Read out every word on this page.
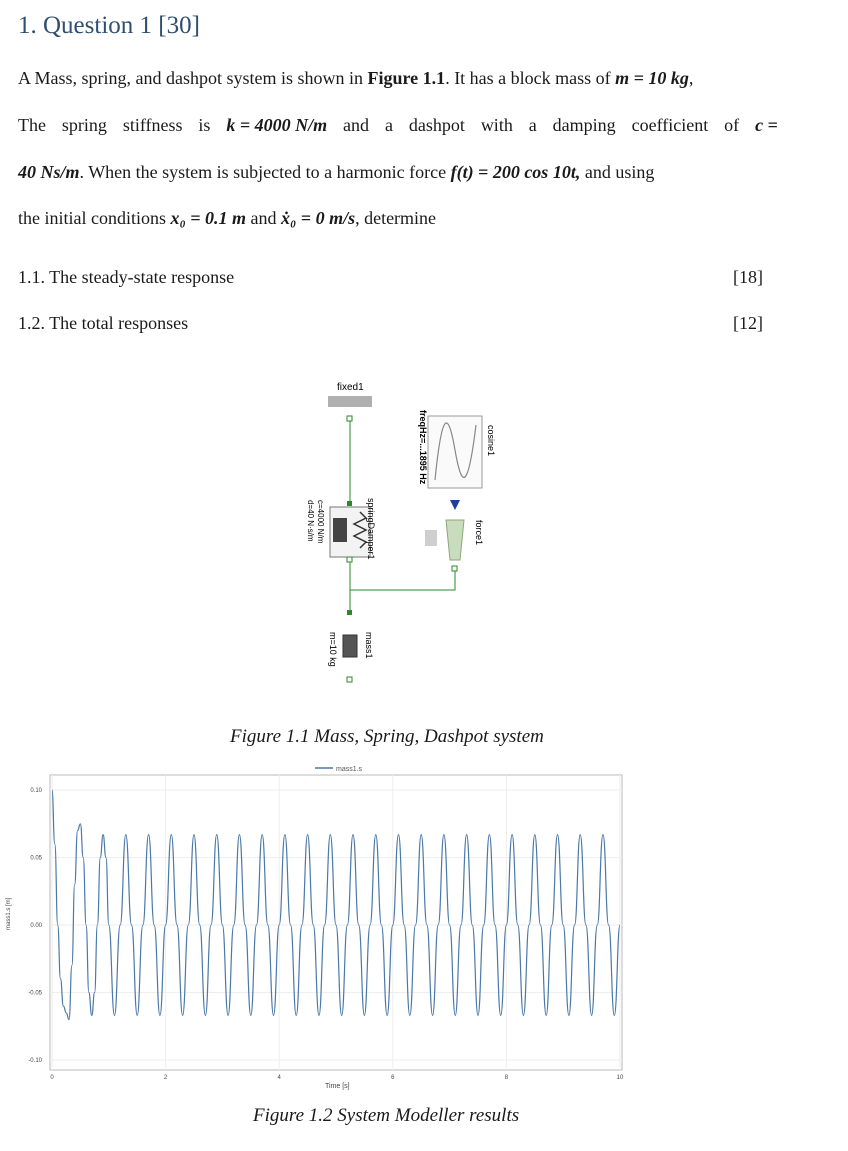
1. Question 1 [30]
A Mass, spring, and dashpot system is shown in Figure 1.1. It has a block mass of m = 10 kg,
The spring stiffness is k = 4000 N/m and a dashpot with a damping coefficient of c =
40 Ns/m. When the system is subjected to a harmonic force f(t) = 200 cos 10t, and using
the initial conditions x₀ = 0.1 m and ẋ₀ = 0 m/s, determine
1.1. The steady-state response	[18]
1.2. The total responses	[12]
fixed1
springDamper1
c=4000 N/m
d=40 N·s/m
mass1
m=10 kg
cosine1
freqHz=...1895 Hz
force1
Figure 1.1 Mass, Spring, Dashpot system
mass1.s
0.10
0.05
0.00
-0.05
-0.10
0	2	4	6	8	10
Time [s]
mass1.s [m]
Figure 1.2 System Modeller results
